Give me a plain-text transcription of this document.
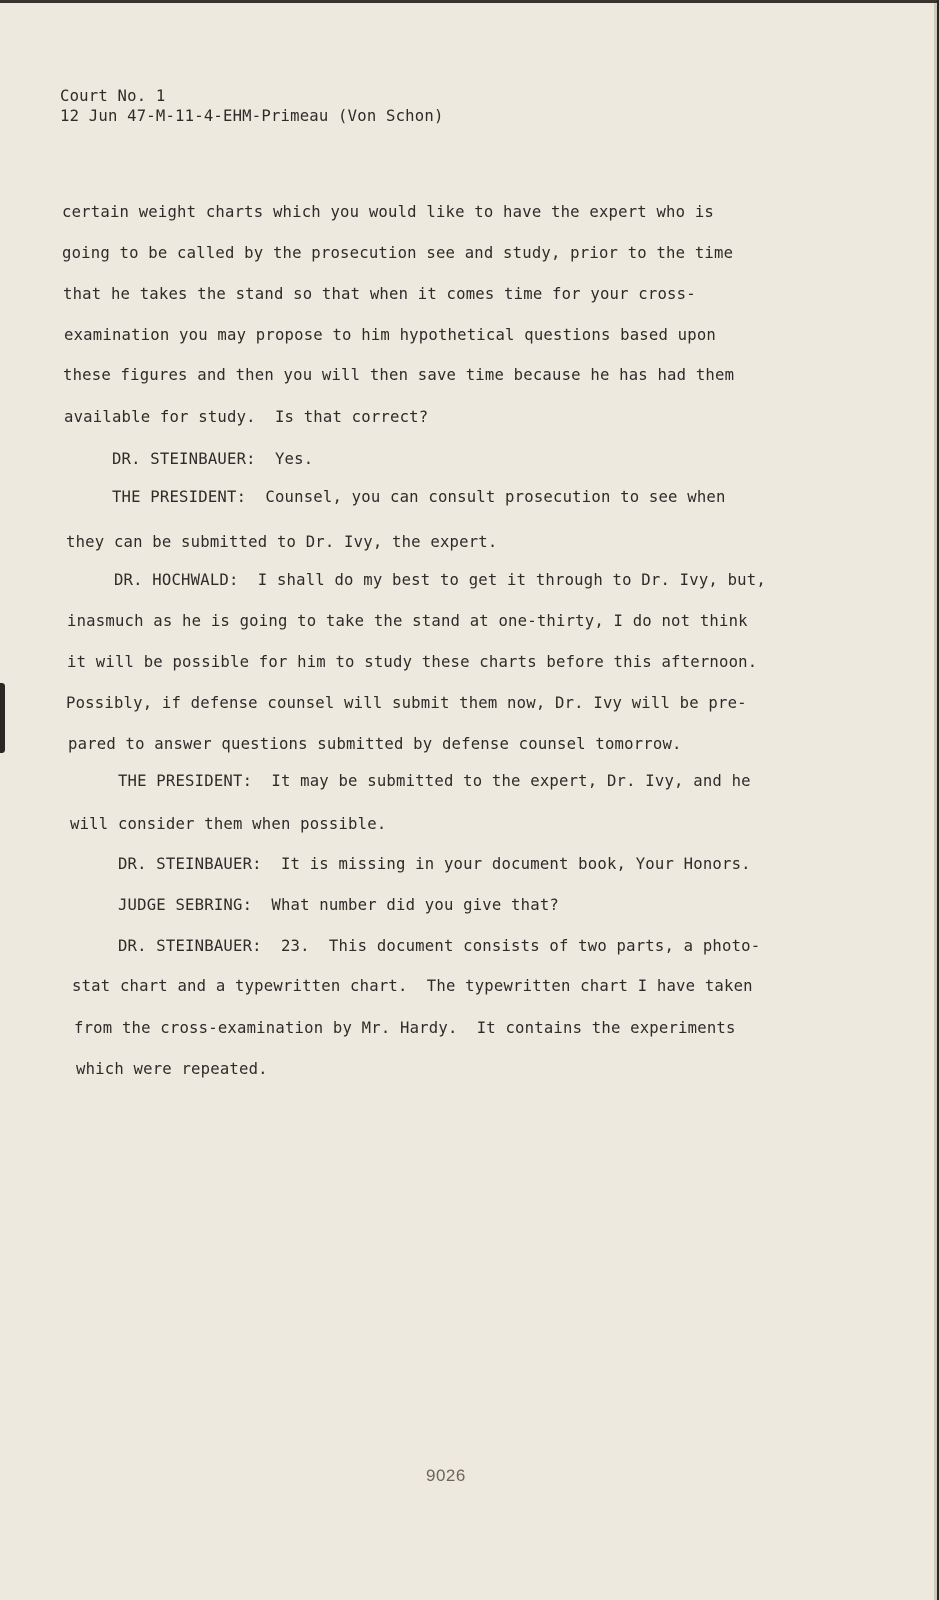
Court No. 1
12 Jun 47-M-11-4-EHM-Primeau (Von Schon)
certain weight charts which you would like to have the expert who is
going to be called by the prosecution see and study, prior to the time
that he takes the stand so that when it comes time for your cross-
examination you may propose to him hypothetical questions based upon
these figures and then you will then save time because he has had them
available for study.  Is that correct?
DR. STEINBAUER:  Yes.
THE PRESIDENT:  Counsel, you can consult prosecution to see when
they can be submitted to Dr. Ivy, the expert.
DR. HOCHWALD:  I shall do my best to get it through to Dr. Ivy, but,
inasmuch as he is going to take the stand at one-thirty, I do not think
it will be possible for him to study these charts before this afternoon.
Possibly, if defense counsel will submit them now, Dr. Ivy will be pre-
pared to answer questions submitted by defense counsel tomorrow.
THE PRESIDENT:  It may be submitted to the expert, Dr. Ivy, and he
will consider them when possible.
DR. STEINBAUER:  It is missing in your document book, Your Honors.
JUDGE SEBRING:  What number did you give that?
DR. STEINBAUER:  23.  This document consists of two parts, a photo-
stat chart and a typewritten chart.  The typewritten chart I have taken
from the cross-examination by Mr. Hardy.  It contains the experiments
which were repeated.
9026
